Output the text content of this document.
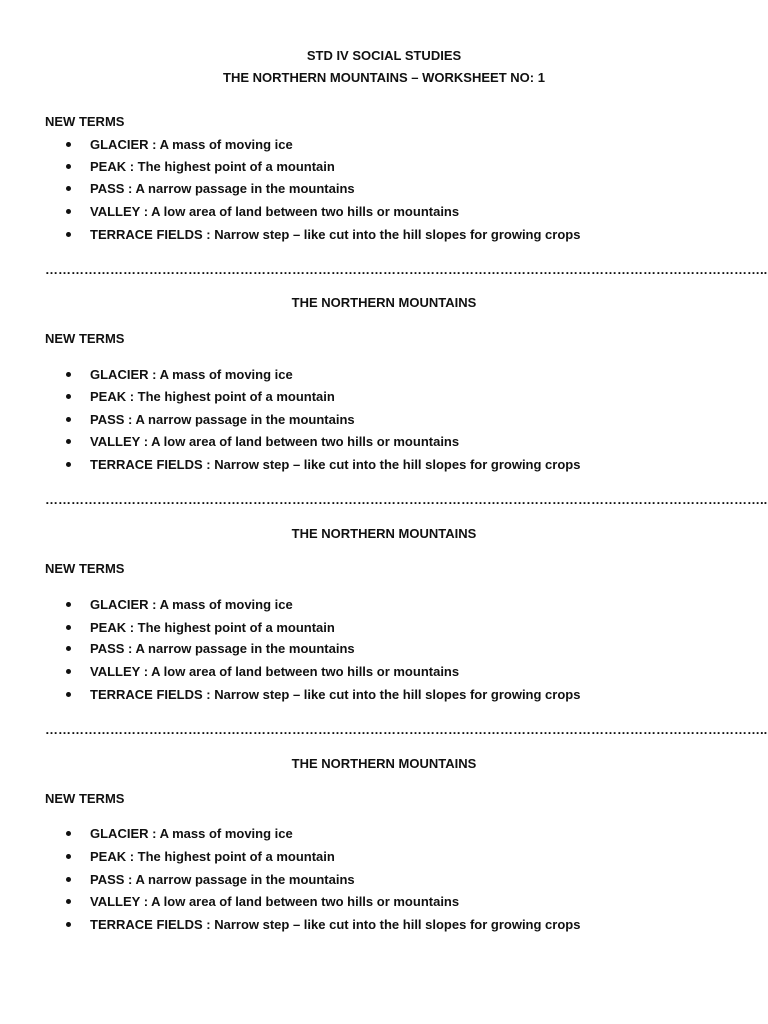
STD IV SOCIAL STUDIES
THE NORTHERN MOUNTAINS – WORKSHEET NO: 1
NEW TERMS
GLACIER : A mass of moving ice
PEAK : The highest point of a mountain
PASS : A narrow passage in the mountains
VALLEY : A low area of land between two hills or mountains
TERRACE FIELDS : Narrow step – like cut into the hill slopes for growing crops
…………………………………………………………………………………………………………………………………………………..
THE NORTHERN MOUNTAINS
NEW TERMS
GLACIER : A mass of moving ice
PEAK : The highest point of a mountain
PASS : A narrow passage in the mountains
VALLEY : A low area of land between two hills or mountains
TERRACE FIELDS : Narrow step – like cut into the hill slopes for growing crops
…………………………………………………………………………………………………………………………………………………..
THE NORTHERN MOUNTAINS
NEW TERMS
GLACIER : A mass of moving ice
PEAK : The highest point of a mountain
PASS : A narrow passage in the mountains
VALLEY : A low area of land between two hills or mountains
TERRACE FIELDS : Narrow step – like cut into the hill slopes for growing crops
…………………………………………………………………………………………………………………………………………………..
THE NORTHERN MOUNTAINS
NEW TERMS
GLACIER : A mass of moving ice
PEAK : The highest point of a mountain
PASS : A narrow passage in the mountains
VALLEY : A low area of land between two hills or mountains
TERRACE FIELDS : Narrow step – like cut into the hill slopes for growing crops
